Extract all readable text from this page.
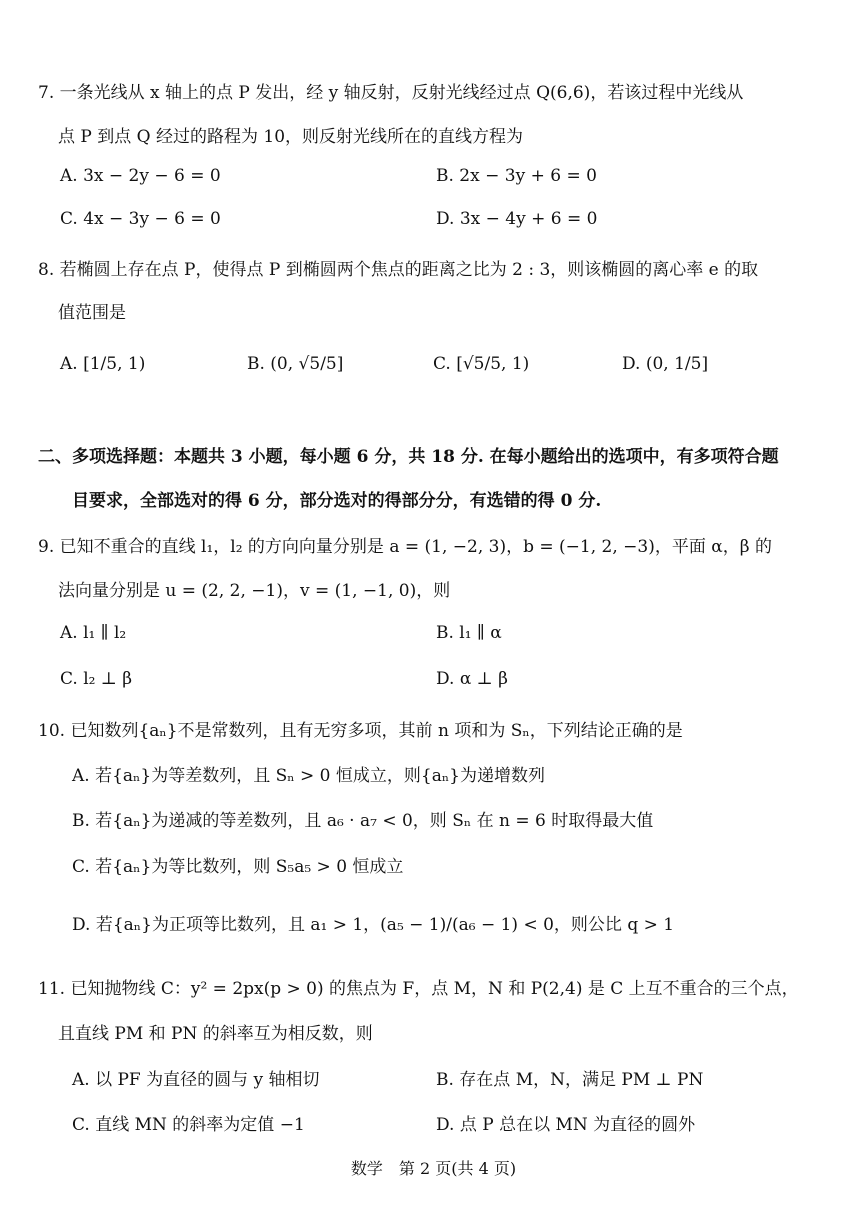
7. 一条光线从 x 轴上的点 P 发出，经 y 轴反射，反射光线经过点 Q(6,6)，若该过程中光线从
点 P 到点 Q 经过的路程为 10，则反射光线所在的直线方程为
A. 3x − 2y − 6 = 0	B. 2x − 3y + 6 = 0
C. 4x − 3y − 6 = 0	D. 3x − 4y + 6 = 0
8. 若椭圆上存在点 P，使得点 P 到椭圆两个焦点的距离之比为 2 : 3，则该椭圆的离心率 e 的取
值范围是
A. [1/5, 1)	B. (0, √5/5]	C. [√5/5, 1)	D. (0, 1/5]
二、多项选择题：本题共 3 小题，每小题 6 分，共 18 分. 在每小题给出的选项中，有多项符合题
目要求，全部选对的得 6 分，部分选对的得部分分，有选错的得 0 分.
9. 已知不重合的直线 l₁，l₂ 的方向向量分别是 a = (1, −2, 3)，b = (−1, 2, −3)，平面 α，β 的
法向量分别是 u = (2, 2, −1)，v = (1, −1, 0)，则
A. l₁ ∥ l₂	B. l₁ ∥ α
C. l₂ ⊥ β	D. α ⊥ β
10. 已知数列{aₙ}不是常数列，且有无穷多项，其前 n 项和为 Sₙ，下列结论正确的是
A. 若{aₙ}为等差数列，且 Sₙ > 0 恒成立，则{aₙ}为递增数列
B. 若{aₙ}为递减的等差数列，且 a₆ · a₇ < 0，则 Sₙ 在 n = 6 时取得最大值
C. 若{aₙ}为等比数列，则 S₅a₅ > 0 恒成立
D. 若{aₙ}为正项等比数列，且 a₁ > 1，(a₅ − 1)/(a₆ − 1) < 0，则公比 q > 1
11. 已知抛物线 C：y² = 2px(p > 0) 的焦点为 F，点 M，N 和 P(2,4) 是 C 上互不重合的三个点，
且直线 PM 和 PN 的斜率互为相反数，则
A. 以 PF 为直径的圆与 y 轴相切	B. 存在点 M，N，满足 PM ⊥ PN
C. 直线 MN 的斜率为定值 −1	D. 点 P 总在以 MN 为直径的圆外
数学　第 2 页(共 4 页)
